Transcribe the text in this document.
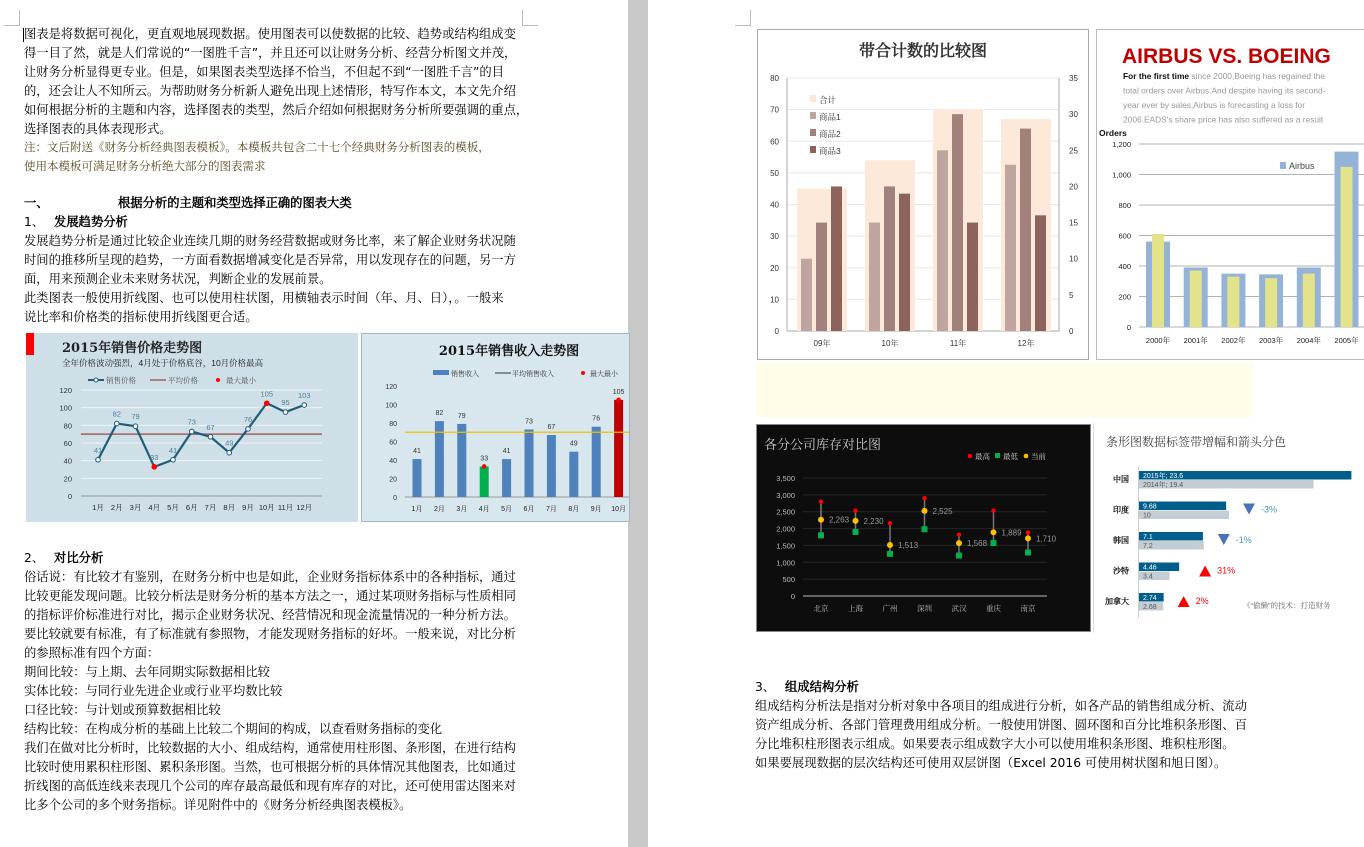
图表是将数据可视化，更直观地展现数据。使用图表可以使数据的比较、趋势或结构组成变
得一目了然，就是人们常说的“一图胜千言”，并且还可以让财务分析、经营分析图文并茂，
让财务分析显得更专业。但是，如果图表类型选择不恰当，不但起不到“一图胜千言”的目
的，还会让人不知所云。为帮助财务分析新人避免出现上述情形，特写作本文，本文先介绍
如何根据分析的主题和内容，选择图表的类型，然后介绍如何根据财务分析所要强调的重点，
选择图表的具体表现形式。
注：文后附送《财务分析经典图表模板》。本模板共包含二十七个经典财务分析图表的模板，
使用本模板可满足财务分析绝大部分的图表需求
一、	根据分析的主题和类型选择正确的图表大类
1、 发展趋势分析
发展趋势分析是通过比较企业连续几期的财务经营数据或财务比率，来了解企业财务状况随
时间的推移所呈现的趋势，一方面看数据增减变化是否异常，用以发现存在的问题，另一方
面，用来预测企业未来财务状况，判断企业的发展前景。
此类图表一般使用折线图、也可以使用柱状图，用横轴表示时间（年、月、日），。一般来
说比率和价格类的指标使用折线图更合适。
2015年销售价格走势图
全年价格波动强烈，4月处于价格底谷，10月价格最高
销售价格	平均价格	最大最小
0
20
40
60
80
100
120
41
1月
82
2月
79
3月
33
4月
41
5月
73
6月
67
7月
49
8月
76
9月
105
10月
95
11月
103
12月
2015年销售收入走势图
销售收入	平均销售收入	最大最小
0
20
40
60
80
100
120
41
1月
82
2月
79
3月
33
4月
41
5月
73
6月
67
7月
49
8月
76
9月
105
10月
2、 对比分析
俗话说：有比较才有鉴别，在财务分析中也是如此，企业财务指标体系中的各种指标，通过
比较更能发现问题。比较分析法是财务分析的基本方法之一，通过某项财务指标与性质相同
的指标评价标准进行对比，揭示企业财务状况、经营情况和现金流量情况的一种分析方法。
要比较就要有标准，有了标准就有参照物，才能发现财务指标的好坏。一般来说，对比分析
的参照标准有四个方面：
期间比较：与上期、去年同期实际数据相比较
实体比较：与同行业先进企业或行业平均数比较
口径比较：与计划或预算数据相比较
结构比较：在构成分析的基础上比较二个期间的构成，以查看财务指标的变化
我们在做对比分析时，比较数据的大小、组成结构，通常使用柱形图、条形图，在进行结构
比较时使用累积柱形图、累积条形图。当然，也可根据分析的具体情况其他图表，比如通过
折线图的高低连线来表现几个公司的库存最高最低和现有库存的对比，还可使用雷达图来对
比多个公司的多个财务指标。详见附件中的《财务分析经典图表模板》。
带合计数的比较图
0
10
20
30
40
50
60
70
80
0
5
10
15
20
25
30
35
09年	10年	11年	12年
合计
商品1
商品2
商品3
AIRBUS VS. BOEING
For the first time since 2000,Boeing has regained the
total orders over Airbus.And despite having its second-
year ever by sales,Airbus is forecasting a loss for
2006.EADS's share price has also suffered as a result
Orders
0
200
400
600
800
1,000
1,200
2000年 2001年 2002年 2003年 2004年 2005年
Airbus
各分公司库存对比图
最高 最低 当前
0
500
1,000
1,500
2,000
2,500
3,000
3,500
2,263
北京
2,230
上海
1,513
广州
2,525
深圳
1,568
武汉
1,889
重庆
1,710
南京
条形图数据标签带增幅和箭头分色
中国 2015年; 23.6
2014年; 19.4
印度 9.68
10
-3%
韩国 7.1
7.2
-1%
沙特 4.46
3.4
31%
加拿大 2.74
2.68
2%	《“偷懒”的技术：打造财务
3、 组成结构分析
组成结构分析法是指对分析对象中各项目的组成进行分析，如各产品的销售组成分析、流动
资产组成分析、各部门管理费用组成分析。一般使用饼图、圆环图和百分比堆积条形图、百
分比堆积柱形图表示组成。如果要表示组成数字大小可以使用堆积条形图、堆积柱形图。
如果要展现数据的层次结构还可使用双层饼图（Excel 2016 可使用树状图和旭日图）。
